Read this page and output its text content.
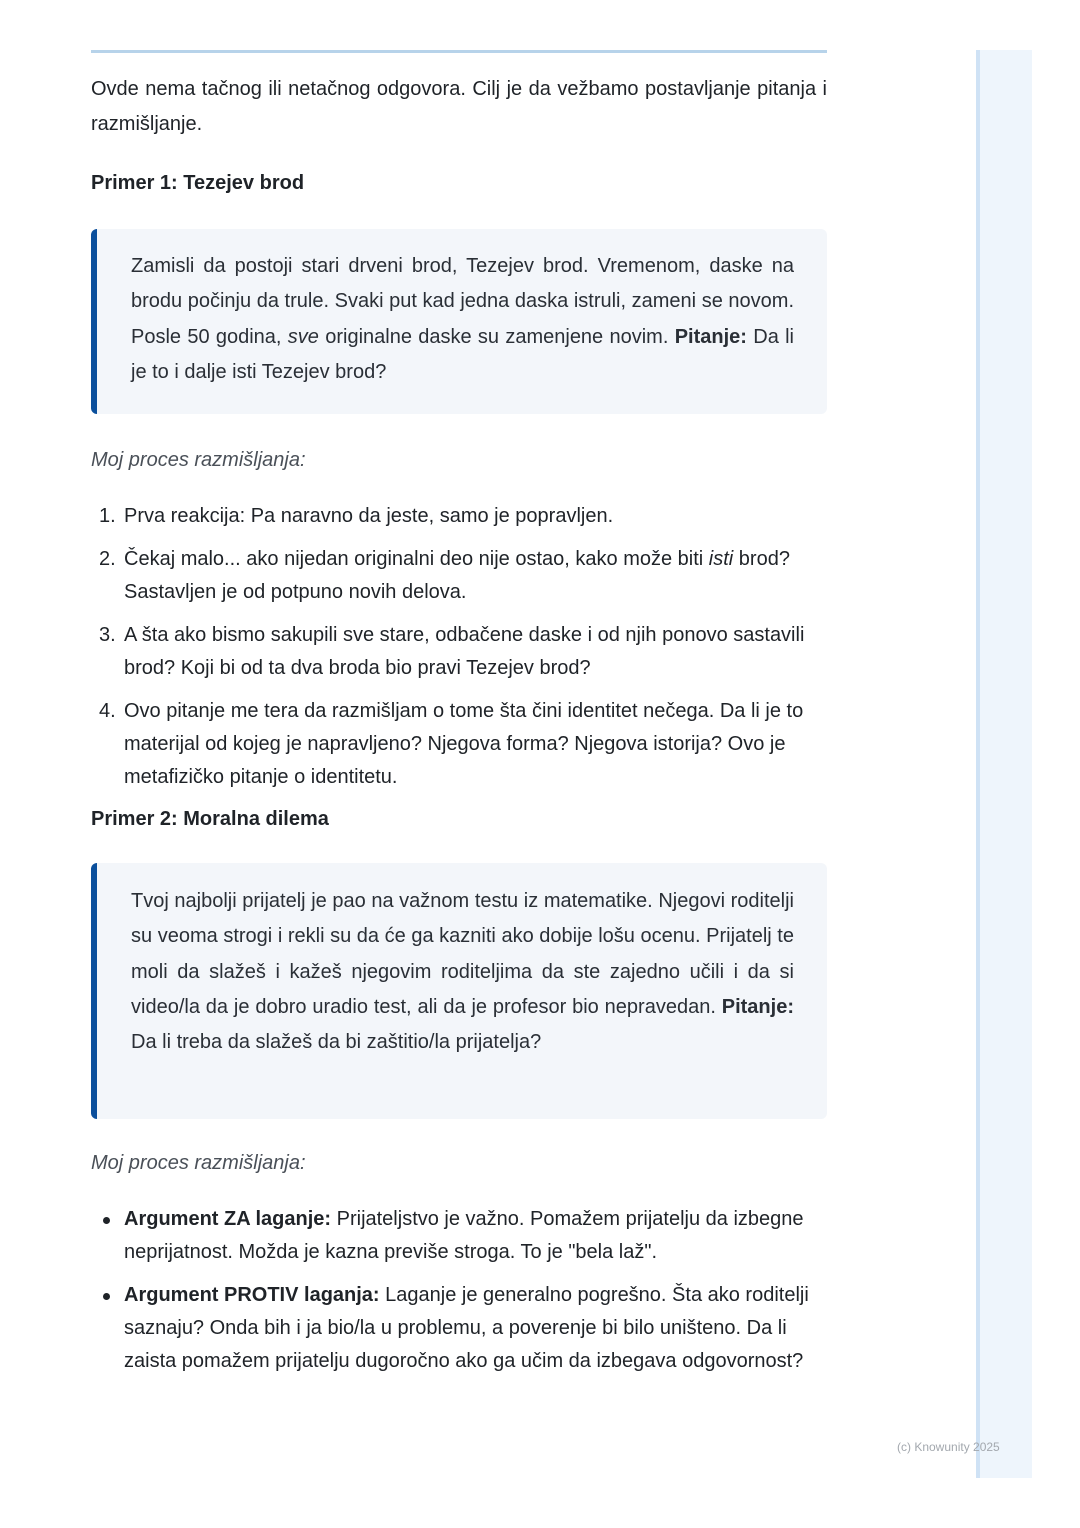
Ovde nema tačnog ili netačnog odgovora. Cilj je da vežbamo postavljanje pitanja i razmišljanje.

Primer 1: Tezejev brod

Zamisli da postoji stari drveni brod, Tezejev brod. Vremenom, daske na brodu počinju da trule. Svaki put kad jedna daska istruli, zameni se novom. Posle 50 godina, sve originalne daske su zamenjene novim. Pitanje: Da li je to i dalje isti Tezejev brod?

Moj proces razmišljanja:

1. Prva reakcija: Pa naravno da jeste, samo je popravljen.
2. Čekaj malo... ako nijedan originalni deo nije ostao, kako može biti isti brod? Sastavljen je od potpuno novih delova.
3. A šta ako bismo sakupili sve stare, odbačene daske i od njih ponovo sastavili brod? Koji bi od ta dva broda bio pravi Tezejev brod?
4. Ovo pitanje me tera da razmišljam o tome šta čini identitet nečega. Da li je to materijal od kojeg je napravljeno? Njegova forma? Njegova istorija? Ovo je metafizičko pitanje o identitetu.
Primer 2: Moralna dilema

Tvoj najbolji prijatelj je pao na važnom testu iz matematike. Njegovi roditelji su veoma strogi i rekli su da će ga kazniti ako dobije lošu ocenu. Prijatelj te moli da slažeš i kažeš njegovim roditeljima da ste zajedno učili i da si video/la da je dobro uradio test, ali da je profesor bio nepravedan. Pitanje: Da li treba da slažeš da bi zaštitio/la prijatelja?

Moj proces razmišljanja:

Argument ZA laganje: Prijateljstvo je važno. Pomažem prijatelju da izbegne neprijatnost. Možda je kazna previše stroga. To je "bela laž".
Argument PROTIV laganja: Laganje je generalno pogrešno. Šta ako roditelji saznaju? Onda bih i ja bio/la u problemu, a poverenje bi bilo uništeno. Da li zaista pomažem prijatelju dugoročno ako ga učim da izbegava odgovornost?
(c) Knowunity 2025
